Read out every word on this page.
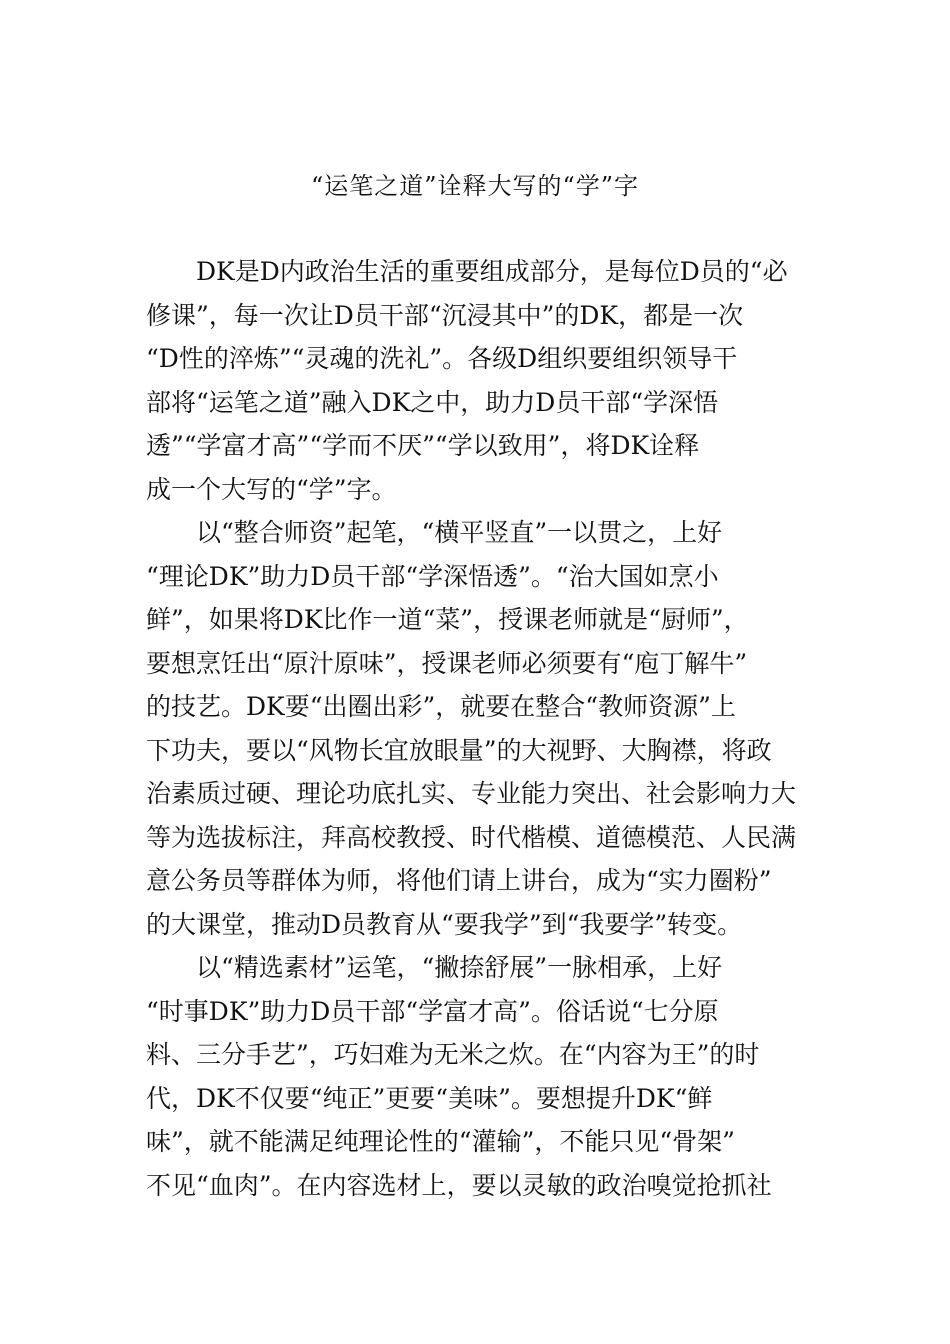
“运笔之道”诠释大写的“学”字
DK是D内政治生活的重要组成部分，是每位D员的“必
修课”，每一次让D员干部“沉浸其中”的DK，都是一次
“D性的淬炼”“灵魂的洗礼”。各级D组织要组织领导干
部将“运笔之道”融入DK之中，助力D员干部“学深悟
透”“学富才高”“学而不厌”“学以致用”，将DK诠释
成一个大写的“学”字。
以“整合师资”起笔，“横平竖直”一以贯之，上好
“理论DK”助力D员干部“学深悟透”。“治大国如烹小
鲜”，如果将DK比作一道“菜”，授课老师就是“厨师”，
要想烹饪出“原汁原味”，授课老师必须要有“庖丁解牛”
的技艺。DK要“出圈出彩”，就要在整合“教师资源”上
下功夫，要以“风物长宜放眼量”的大视野、大胸襟，将政
治素质过硬、理论功底扎实、专业能力突出、社会影响力大
等为选拔标注，拜高校教授、时代楷模、道德模范、人民满
意公务员等群体为师，将他们请上讲台，成为“实力圈粉”
的大课堂，推动D员教育从“要我学”到“我要学”转变。
以“精选素材”运笔，“撇捺舒展”一脉相承，上好
“时事DK”助力D员干部“学富才高”。俗话说“七分原
料、三分手艺”，巧妇难为无米之炊。在“内容为王”的时
代，DK不仅要“纯正”更要“美味”。要想提升DK“鲜
味”，就不能满足纯理论性的“灌输”，不能只见“骨架”
不见“血肉”。在内容选材上，要以灵敏的政治嗅觉抢抓社
